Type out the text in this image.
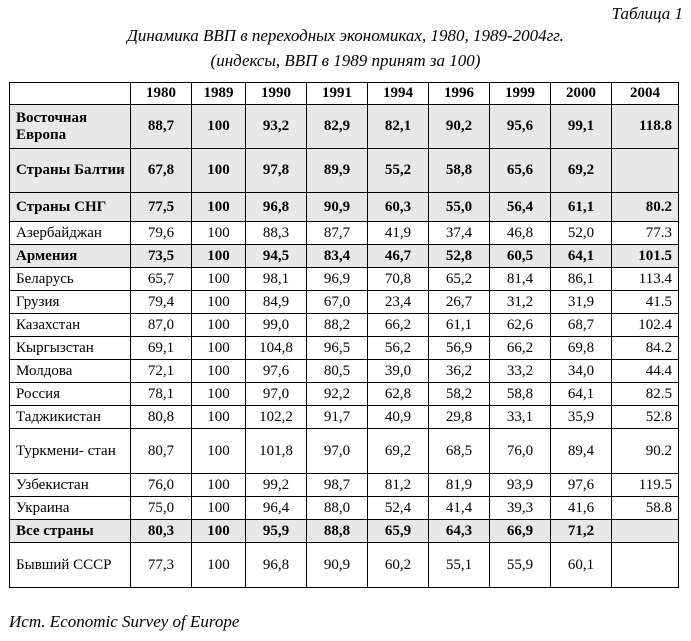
Таблица 1
Динамика ВВП в переходных экономиках, 1980, 1989-2004гг.
(индексы, ВВП в 1989 принят за 100)
	1980	1989	1990	1991	1994	1996	1999	2000	2004
Восточная Европа	88,7	100	93,2	82,9	82,1	90,2	95,6	99,1	118.8
Страны Балтии	67,8	100	97,8	89,9	55,2	58,8	65,6	69,2	
Страны СНГ	77,5	100	96,8	90,9	60,3	55,0	56,4	61,1	80.2
Азербайджан	79,6	100	88,3	87,7	41,9	37,4	46,8	52,0	77.3
Армения	73,5	100	94,5	83,4	46,7	52,8	60,5	64,1	101.5
Беларусь	65,7	100	98,1	96,9	70,8	65,2	81,4	86,1	113.4
Грузия	79,4	100	84,9	67,0	23,4	26,7	31,2	31,9	41.5
Казахстан	87,0	100	99,0	88,2	66,2	61,1	62,6	68,7	102.4
Кыргызстан	69,1	100	104,8	96,5	56,2	56,9	66,2	69,8	84.2
Молдова	72,1	100	97,6	80,5	39,0	36,2	33,2	34,0	44.4
Россия	78,1	100	97,0	92,2	62,8	58,2	58,8	64,1	82.5
Таджикистан	80,8	100	102,2	91,7	40,9	29,8	33,1	35,9	52.8
Туркмени- стан	80,7	100	101,8	97,0	69,2	68,5	76,0	89,4	90.2
Узбекистан	76,0	100	99,2	98,7	81,2	81,9	93,9	97,6	119.5
Украина	75,0	100	96,4	88,0	52,4	41,4	39,3	41,6	58.8
Все страны	80,3	100	95,9	88,8	65,9	64,3	66,9	71,2	
Бывший СССР	77,3	100	96,8	90,9	60,2	55,1	55,9	60,1	
Ист. Economic Survey of Europe
